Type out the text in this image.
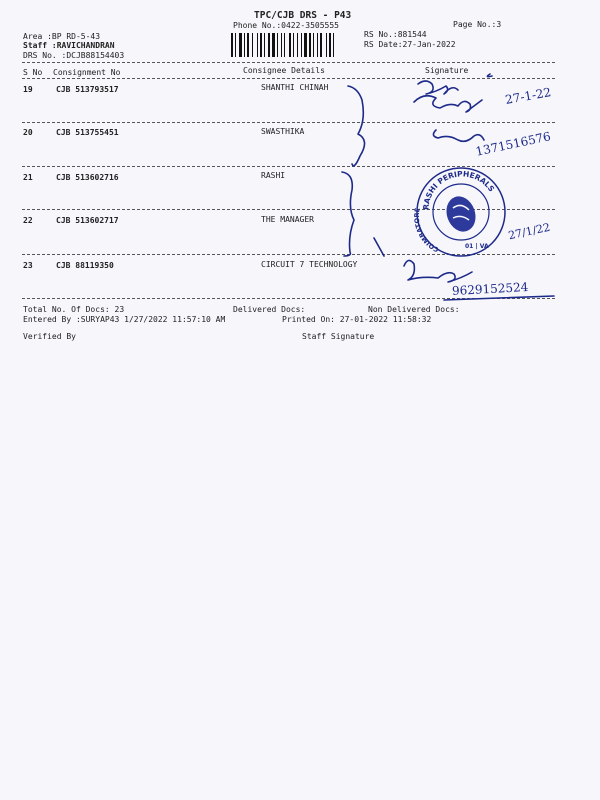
TPC/CJB DRS - P43
Phone No.:0422-3505555	Page No.:3
Area :BP RD-5-43
Staff :RAVICHANDRAN
DRS No. :DCJB88154403
RS No.:881544
RS Date:27-Jan-2022
S No Consignment No	Consignee Details	Signature
19	CJB 513793517	SHANTHI CHINAH
20	CJB 513755451	SWASTHIKA
21	CJB 513602716	RASHI
22	CJB 513602717	THE MANAGER
23	CJB 88119350	CIRCUIT 7 TECHNOLOGY
27-1-22
1371516576
27/1/22
9629152524
RASHI PERIPHERALS
COIMBATORE
01 | VA
Total No. Of Docs: 23	Delivered Docs:	Non Delivered Docs:
Entered By :SURYAP43 1/27/2022 11:57:10 AM	Printed On: 27-01-2022 11:58:32
Verified By	Staff Signature
